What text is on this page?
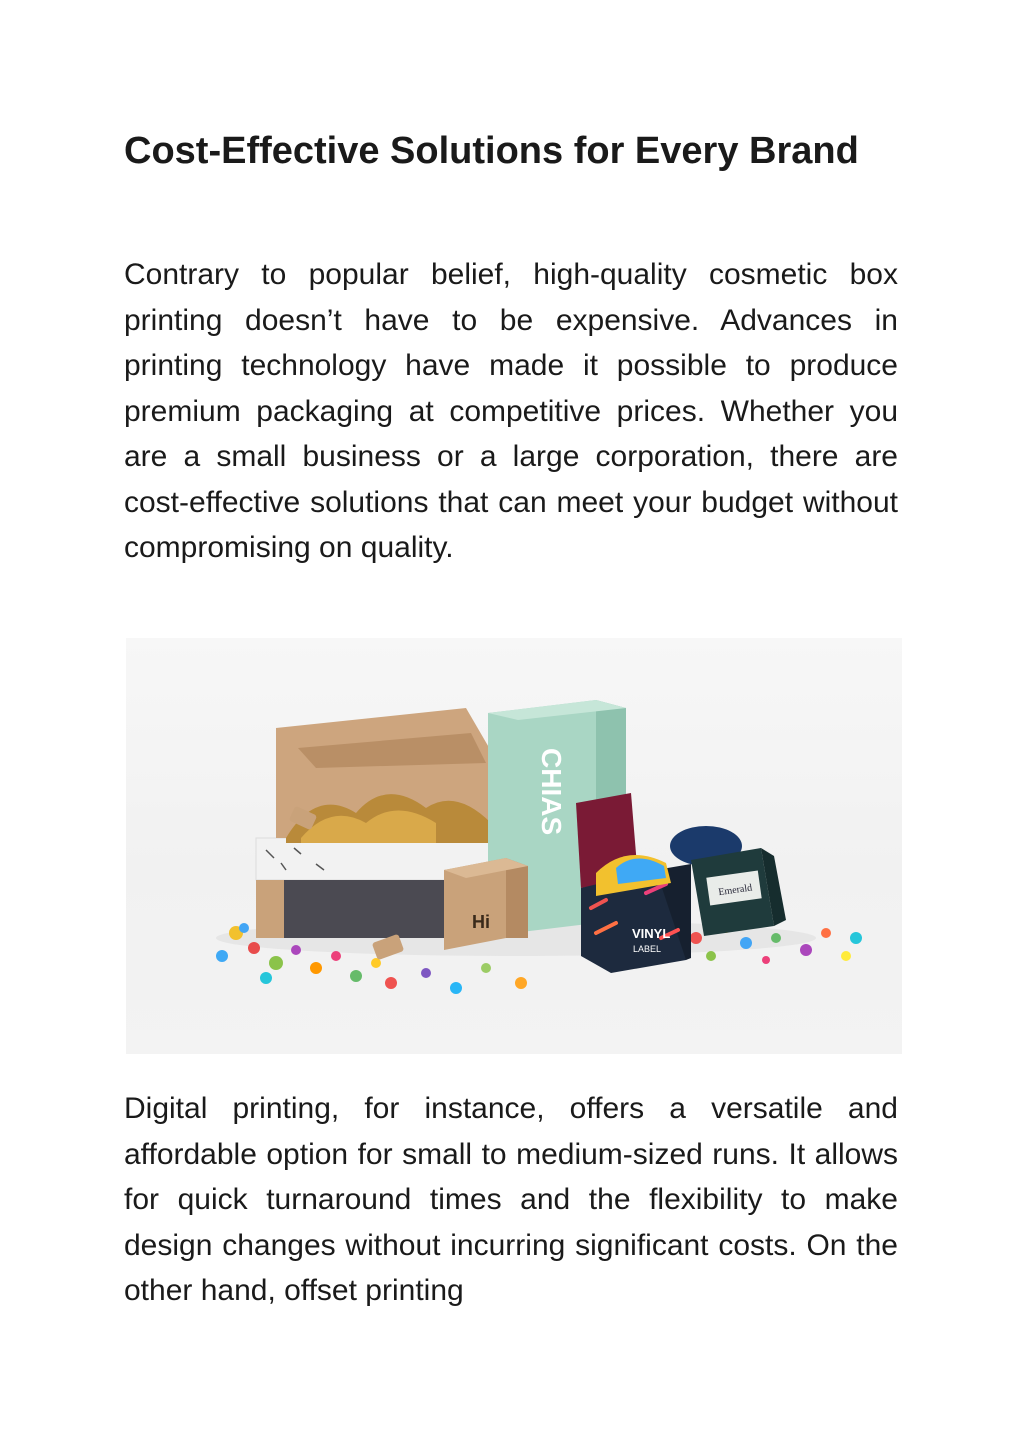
Cost-Effective Solutions for Every Brand

Contrary to popular belief, high-quality cosmetic box printing doesn’t have to be expensive. Advances in printing technology have made it possible to produce premium packaging at competitive prices. Whether you are a small business or a large corporation, there are cost-effective solutions that can meet your budget without compromising on quality.

CHIAS
Hi
VINYL
LABEL
Emerald

Digital printing, for instance, offers a versatile and affordable option for small to medium-sized runs. It allows for quick turnaround times and the flexibility to make design changes without incurring significant costs. On the other hand, offset printing
